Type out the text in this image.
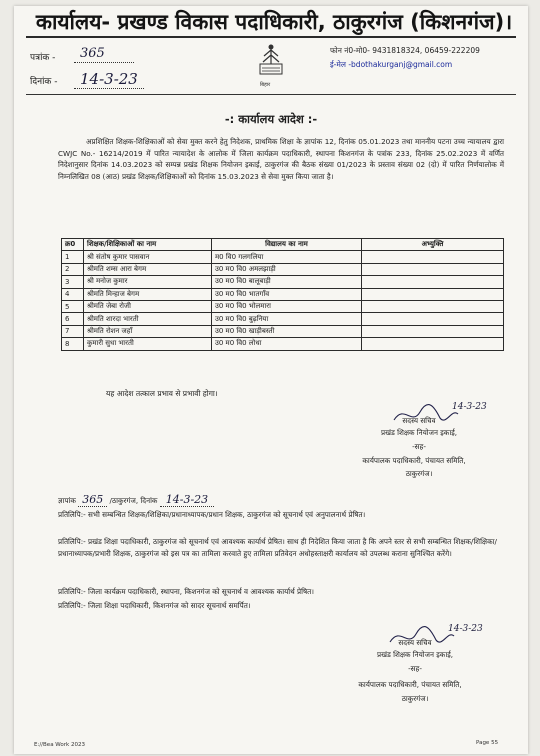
कार्यालय- प्रखण्ड विकास पदाधिकारी, ठाकुरगंज (किशनगंज)।
पत्रांक - 365
दिनांक - 14-3-23	बिहार
फोन नं0-मो0- 9431818324, 06459-222209
ई-मेल -bdothakurganj@gmail.com
-: कार्यालय आदेश :-
अप्रशिक्षित शिक्षक-शिक्षिकाओं को सेवा मुक्त करने हेतु निदेशक, प्राथमिक शिक्षा के ज्ञापांक 12, दिनांक 05.01.2023 तथा माननीय पटना उच्च न्यायालय द्वारा CWJC No.- 16214/2019 में पारित न्यायादेश के आलोक में जिला कार्यक्रम पदाधिकारी, स्थापना किशनगंज के पत्रांक 233, दिनांक 25.02.2023 में वर्णित निदेशानुसार दिनांक 14.03.2023 को सम्पन्न प्रखंड शिक्षक नियोजन इकाई, ठाकुरगंज की बैठक संख्या 01/2023 के प्रस्ताव संख्या 02 (दो) में पारित निर्णयालोक में निम्नलिखित 08 (आठ) प्रखंड शिक्षक/शिक्षिकाओं को दिनांक 15.03.2023 से सेवा मुक्त किया जाता है।
क्र0	शिक्षक/शिक्षिकाओं का नाम	विद्यालय का नाम	अभ्युक्ति
1	श्री संतोष कुमार पासवान	म0 वि0 गलगलिया	
2	श्रीमति शम्स आरा बेगम	उ0 म0 वि0 अमलझाड़ी	
3	श्री मनोज कुमार	उ0 म0 वि0 बालूबाड़ी	
4	श्रीमति मिन्हाज बेगम	उ0 म0 वि0 भातगाँव	
5	श्रीमति जेबा रोजी	उ0 म0 वि0 भोलमारा	
6	श्रीमति शारदा भारती	उ0 म0 वि0 बुढ़निया	
7	श्रीमति रोशन जहाँ	उ0 म0 वि0 खाड़ीबस्ती	
8	कुमारी सुधा भारती	उ0 म0 वि0 लोधा	
यह आदेश तत्काल प्रभाव से प्रभावी होगा।
14-3-23
सदस्य सचिव
प्रखंड शिक्षक नियोजन इकाई,
-सह-
कार्यपालक पदाधिकारी, पंचायत समिति,
ठाकुरगंज।
ज्ञापांक 365 /ठाकुरगंज, दिनांक 14-3-23
प्रतिलिपि:- सभी सम्बन्धित शिक्षक/शिक्षिका/प्रधानाध्यापक/प्रधान शिक्षक, ठाकुरगंज को सूचनार्थ एवं अनुपालनार्थ प्रेषित।
प्रतिलिपि:- प्रखंड शिक्षा पदाधिकारी, ठाकुरगंज को सूचनार्थ एवं आवश्यक कार्यार्थ प्रेषित। साथ ही निदेशित किया जाता है कि अपने स्तर से सभी सम्बन्धित शिक्षक/शिक्षिका/प्रधानाध्यापक/प्रभारी शिक्षक, ठाकुरगंज को इस पत्र का तामिला करवाते हुए तामिला प्रतिवेदन अधोहस्ताक्षरी कार्यालय को उपलब्ध कराना सुनिश्चित करेंगे।
प्रतिलिपि:- जिला कार्यक्रम पदाधिकारी, स्थापना, किशनगंज को सूचनार्थ व आवश्यक कार्यार्थ प्रेषित।
प्रतिलिपि:- जिला शिक्षा पदाधिकारी, किशनगंज को सादर सूचनार्थ समर्पित।
14-3-23
सदस्य सचिव
प्रखंड शिक्षक नियोजन इकाई,
-सह-
कार्यपालक पदाधिकारी, पंचायत समिति,
ठाकुरगंज।
E://Bea Work 2023	Page 55
